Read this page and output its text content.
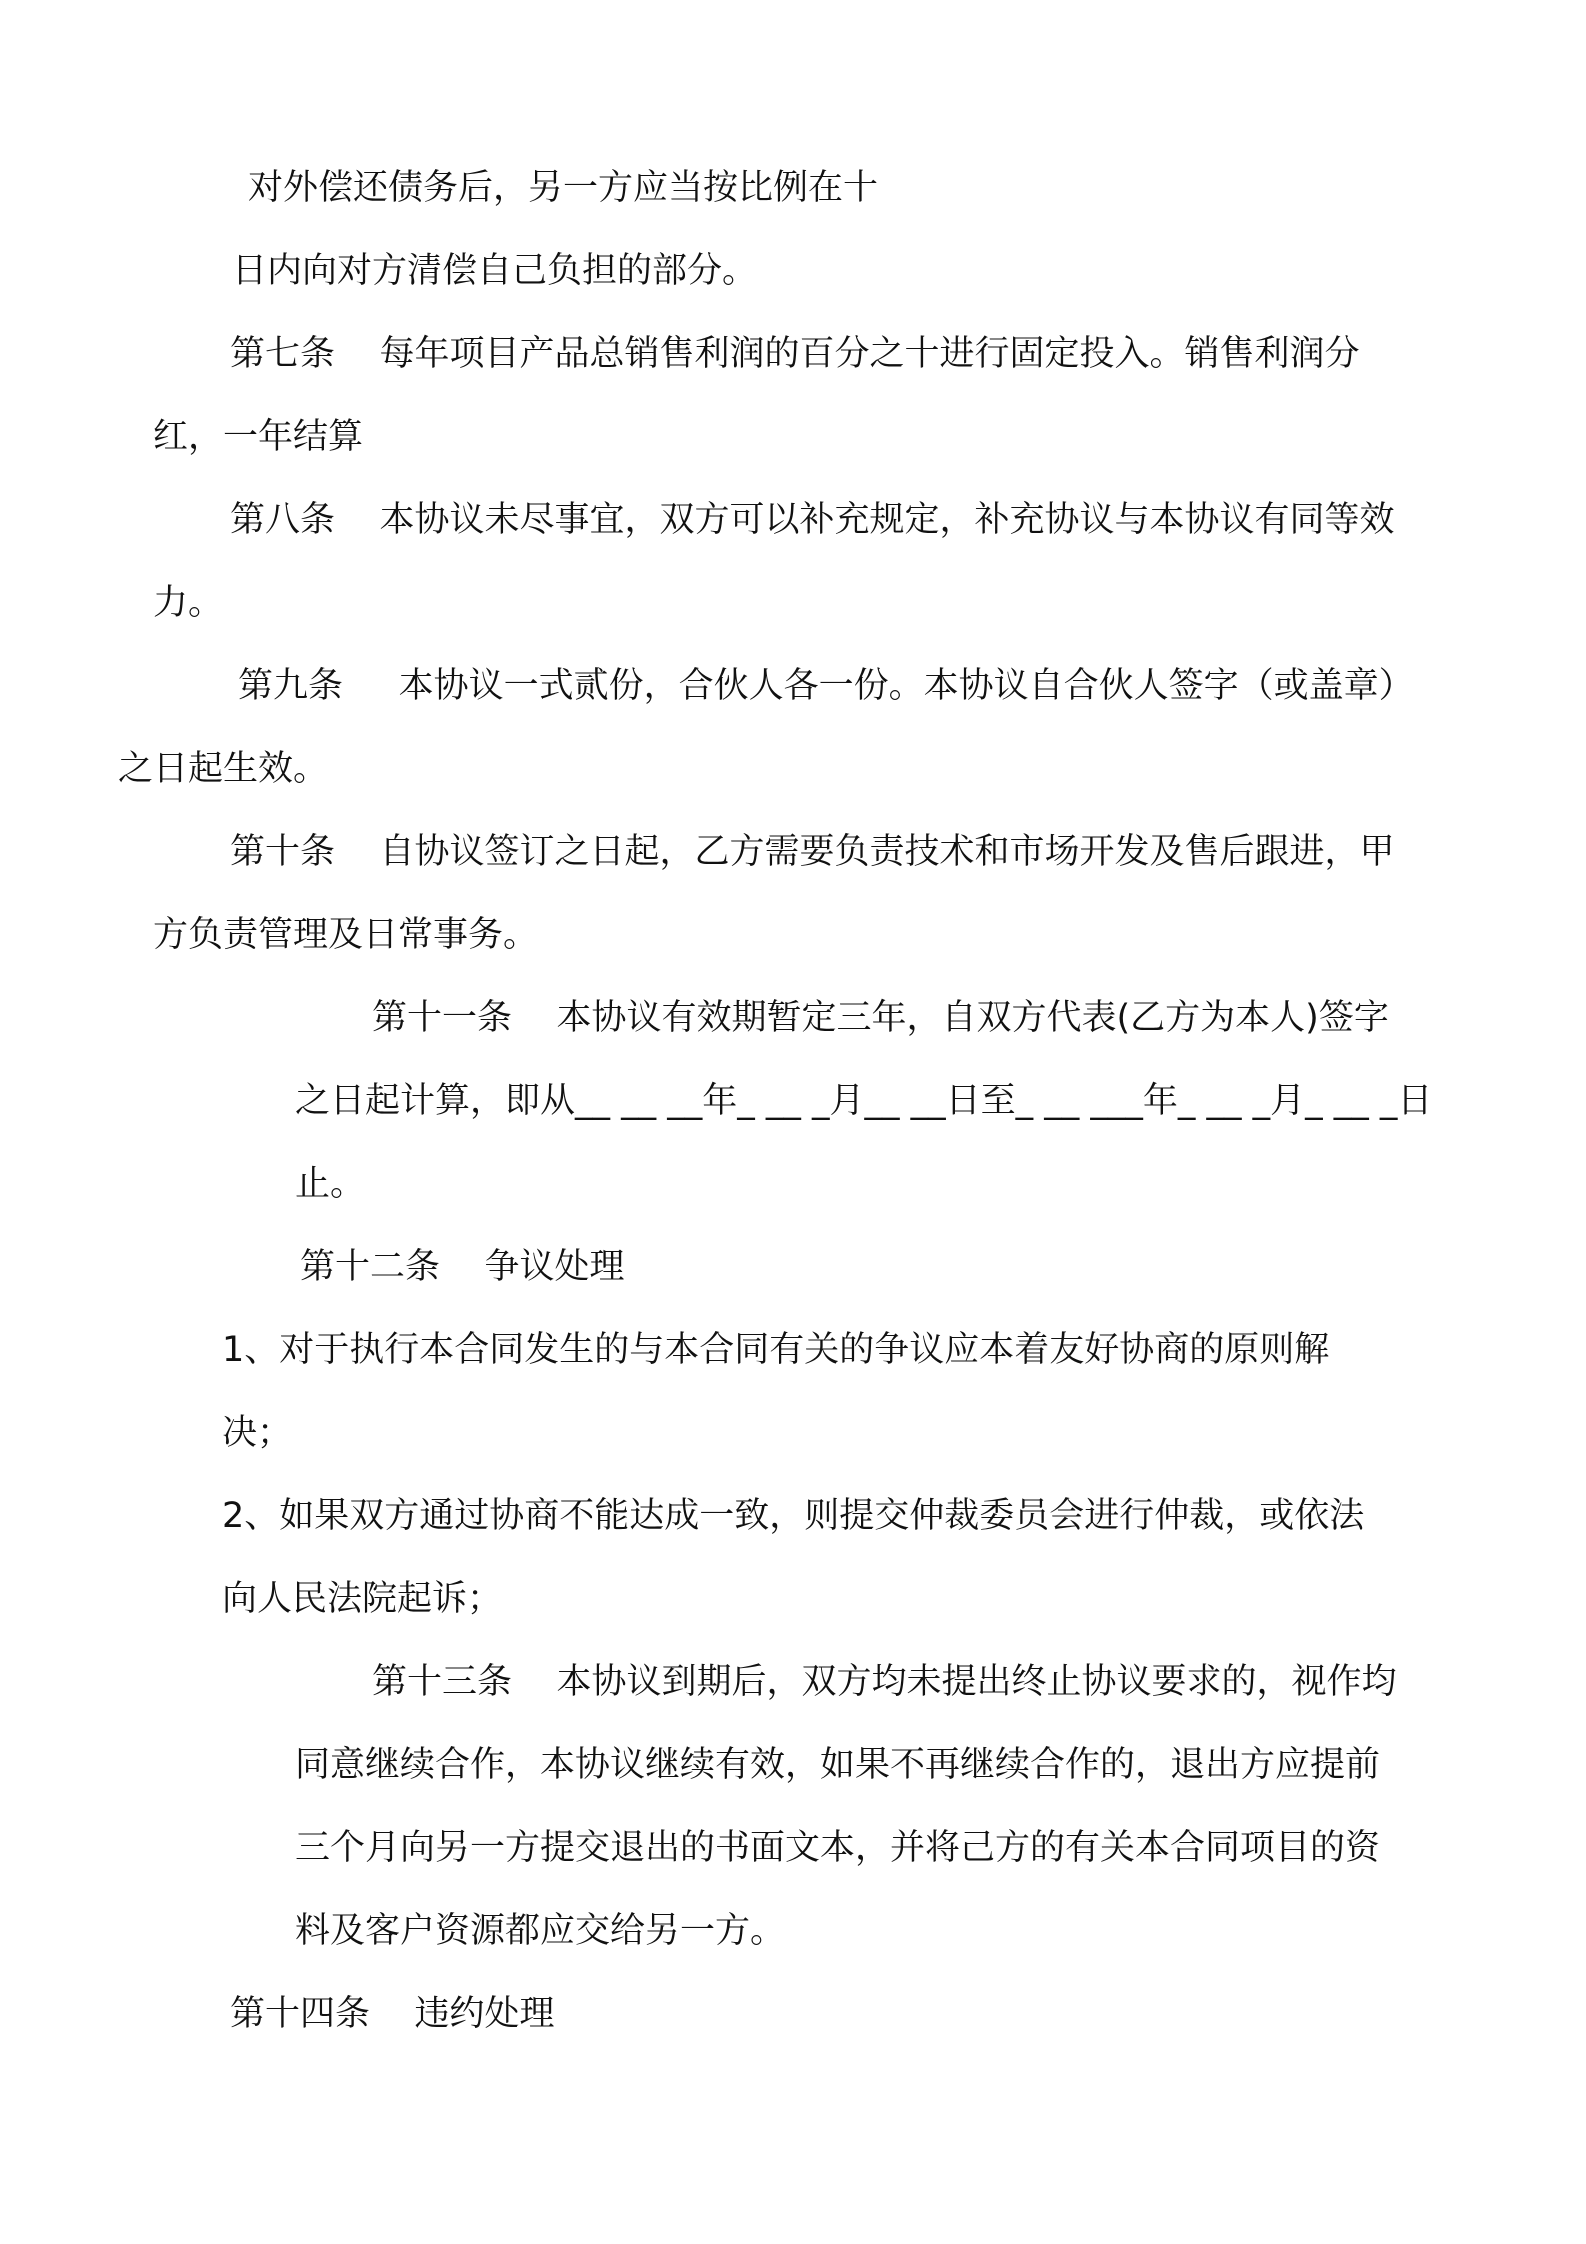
对外偿还债务后，另一方应当按比例在十
日内向对方清偿自己负担的部分。
第七条    每年项目产品总销售利润的百分之十进行固定投入。销售利润分
红，一年结算
第八条    本协议未尽事宜，双方可以补充规定，补充协议与本协议有同等效
力。
第九条     本协议一式贰份，合伙人各一份。本协议自合伙人签字（或盖章）
之日起生效。
第十条    自协议签订之日起，乙方需要负责技术和市场开发及售后跟进，甲
方负责管理及日常事务。
第十一条    本协议有效期暂定三年，自双方代表(乙方为本人)签字
之日起计算，即从__ __ __年_ __ _月__ __日至_ __ ___年_ __ _月_ __ _日
止。
第十二条    争议处理
1、对于执行本合同发生的与本合同有关的争议应本着友好协商的原则解
决；
2、如果双方通过协商不能达成一致，则提交仲裁委员会进行仲裁，或依法
向人民法院起诉；
第十三条    本协议到期后，双方均未提出终止协议要求的，视作均
同意继续合作，本协议继续有效，如果不再继续合作的，退出方应提前
三个月向另一方提交退出的书面文本，并将己方的有关本合同项目的资
料及客户资源都应交给另一方。
第十四条    违约处理
